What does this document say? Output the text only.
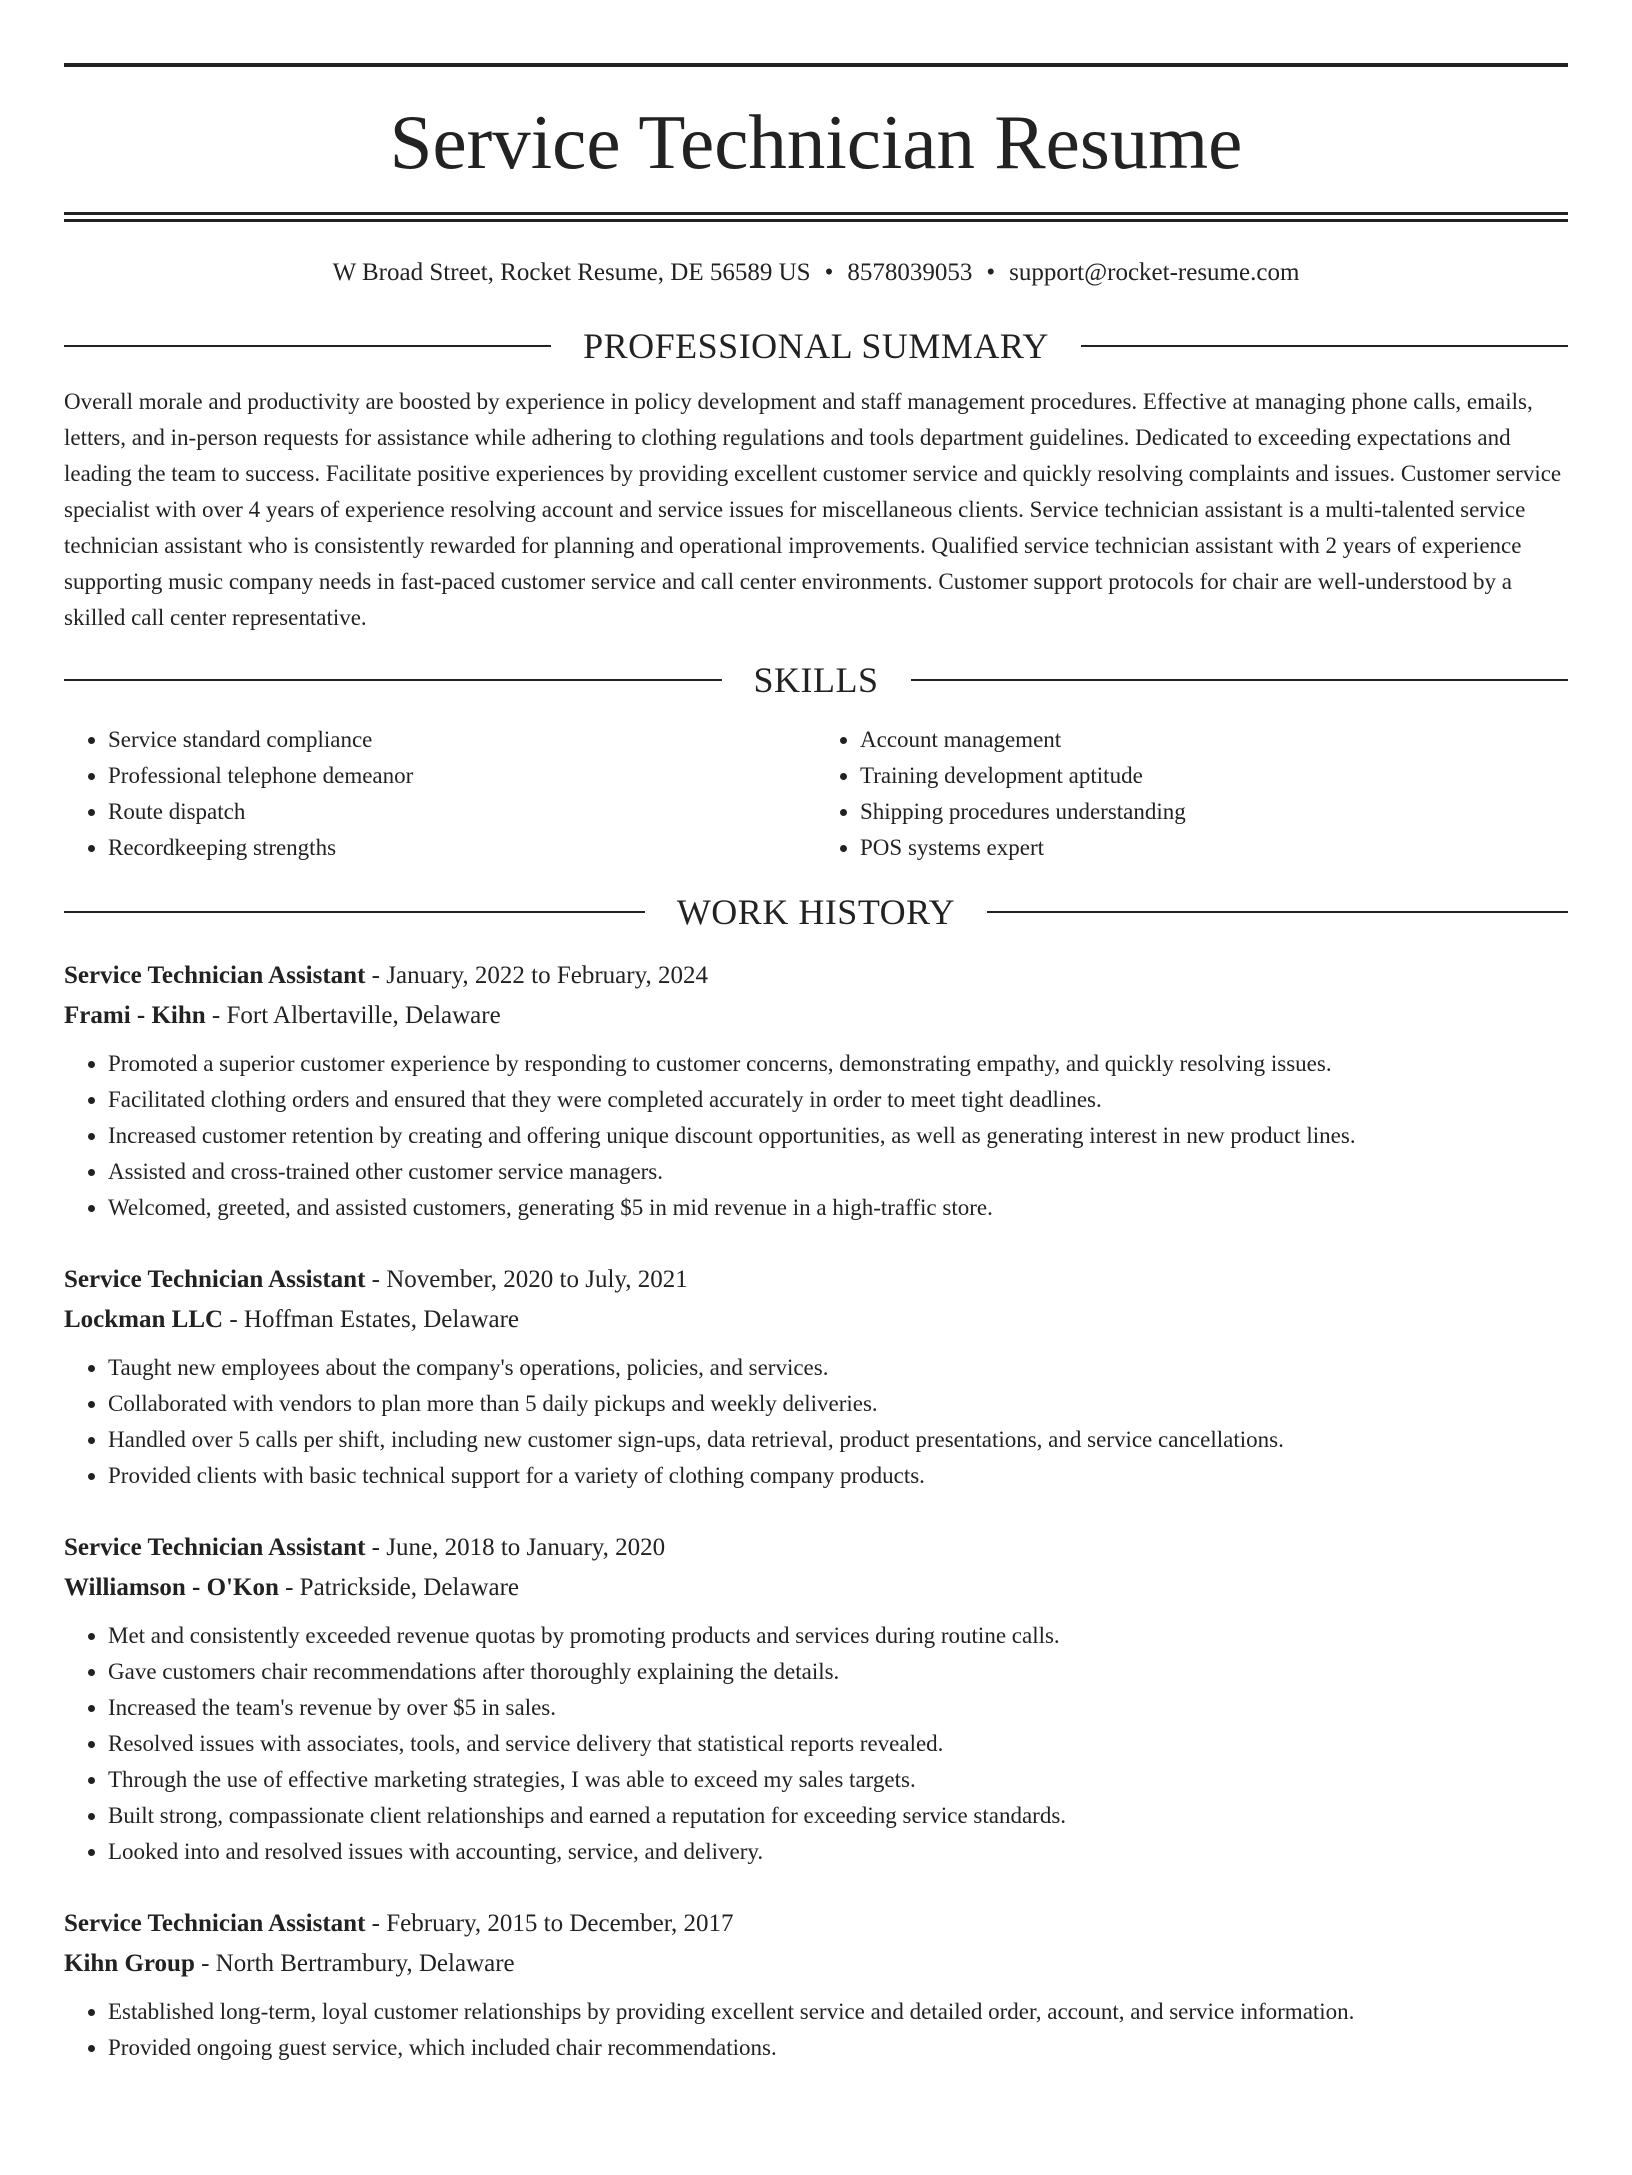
Service Technician Resume
W Broad Street, Rocket Resume, DE 56589 US • 8578039053 • support@rocket-resume.com
PROFESSIONAL SUMMARY
Overall morale and productivity are boosted by experience in policy development and staff management procedures. Effective at managing phone calls, emails, letters, and in-person requests for assistance while adhering to clothing regulations and tools department guidelines. Dedicated to exceeding expectations and leading the team to success. Facilitate positive experiences by providing excellent customer service and quickly resolving complaints and issues. Customer service specialist with over 4 years of experience resolving account and service issues for miscellaneous clients. Service technician assistant is a multi-talented service technician assistant who is consistently rewarded for planning and operational improvements. Qualified service technician assistant with 2 years of experience supporting music company needs in fast-paced customer service and call center environments. Customer support protocols for chair are well-understood by a skilled call center representative.
SKILLS
• Service standard compliance
• Professional telephone demeanor
• Route dispatch
• Recordkeeping strengths
• Account management
• Training development aptitude
• Shipping procedures understanding
• POS systems expert
WORK HISTORY
Service Technician Assistant - January, 2022 to February, 2024
Frami - Kihn - Fort Albertaville, Delaware
• Promoted a superior customer experience by responding to customer concerns, demonstrating empathy, and quickly resolving issues.
• Facilitated clothing orders and ensured that they were completed accurately in order to meet tight deadlines.
• Increased customer retention by creating and offering unique discount opportunities, as well as generating interest in new product lines.
• Assisted and cross-trained other customer service managers.
• Welcomed, greeted, and assisted customers, generating $5 in mid revenue in a high-traffic store.
Service Technician Assistant - November, 2020 to July, 2021
Lockman LLC - Hoffman Estates, Delaware
• Taught new employees about the company's operations, policies, and services.
• Collaborated with vendors to plan more than 5 daily pickups and weekly deliveries.
• Handled over 5 calls per shift, including new customer sign-ups, data retrieval, product presentations, and service cancellations.
• Provided clients with basic technical support for a variety of clothing company products.
Service Technician Assistant - June, 2018 to January, 2020
Williamson - O'Kon - Patrickside, Delaware
• Met and consistently exceeded revenue quotas by promoting products and services during routine calls.
• Gave customers chair recommendations after thoroughly explaining the details.
• Increased the team's revenue by over $5 in sales.
• Resolved issues with associates, tools, and service delivery that statistical reports revealed.
• Through the use of effective marketing strategies, I was able to exceed my sales targets.
• Built strong, compassionate client relationships and earned a reputation for exceeding service standards.
• Looked into and resolved issues with accounting, service, and delivery.
Service Technician Assistant - February, 2015 to December, 2017
Kihn Group - North Bertrambury, Delaware
• Established long-term, loyal customer relationships by providing excellent service and detailed order, account, and service information.
• Provided ongoing guest service, which included chair recommendations.
